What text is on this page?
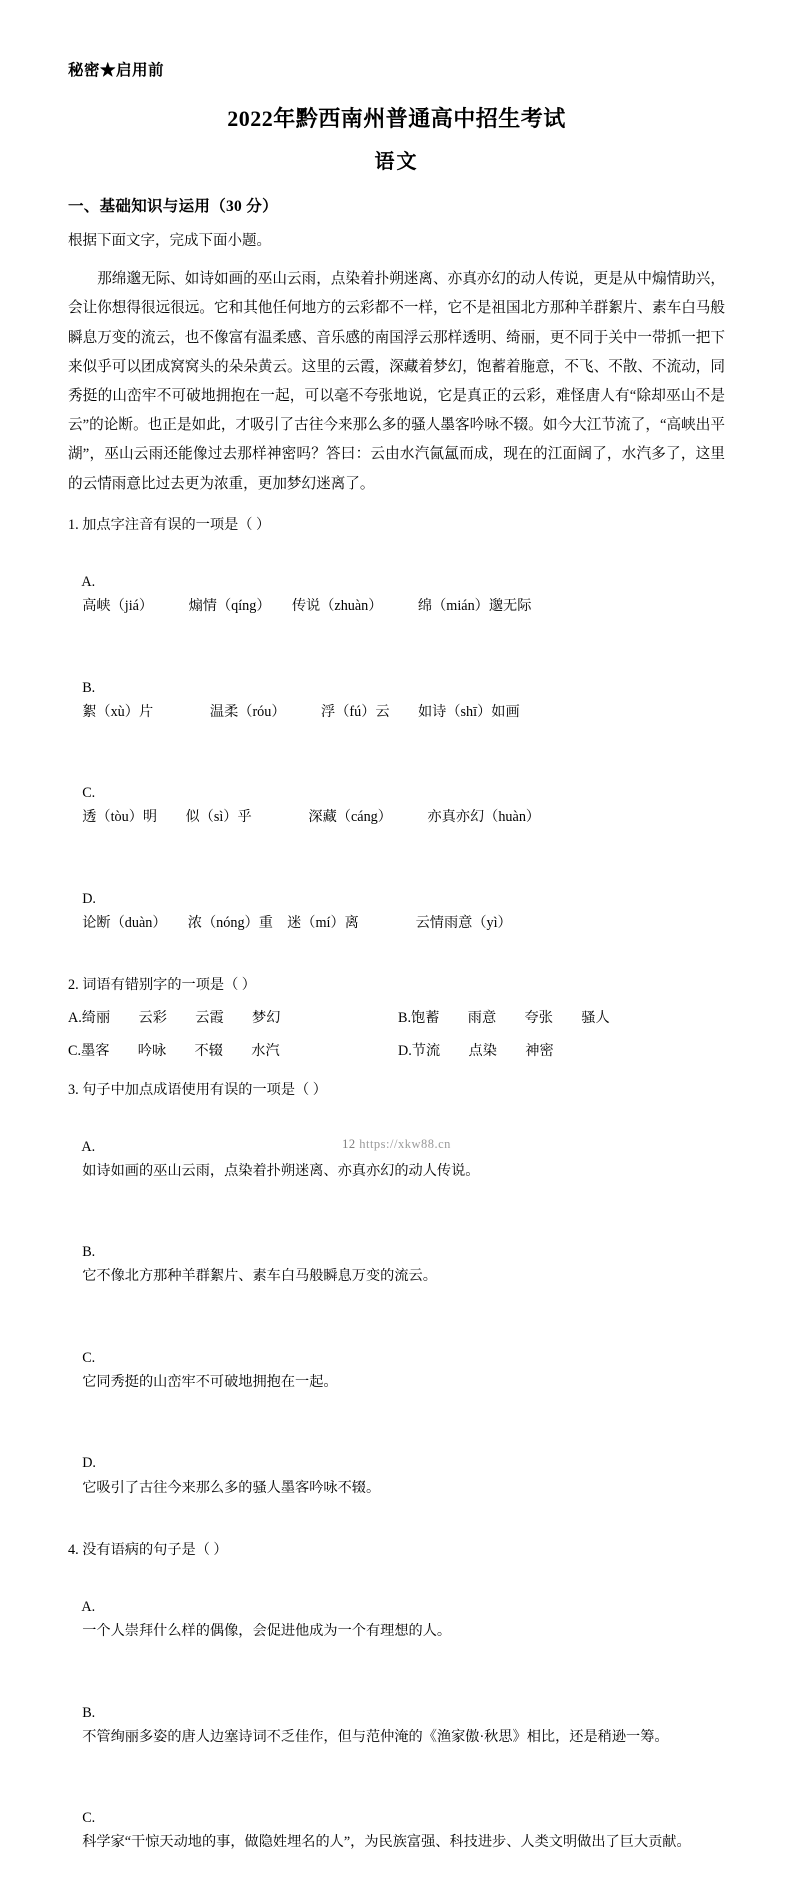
秘密★启用前
2022年黔西南州普通高中招生考试
语文
一、基础知识与运用（30 分）
根据下面文字，完成下面小题。
那绵邈无际、如诗如画的巫山云雨，点染着扑朔迷离、亦真亦幻的动人传说，更是从中煽情助兴，会让你想得很远很远。它和其他任何地方的云彩都不一样，它不是祖国北方那种羊群絮片、素车白马般瞬息万变的流云，也不像富有温柔感、音乐感的南国浮云那样透明、绮丽，更不同于关中一带抓一把下来似乎可以团成窝窝头的朵朵黄云。这里的云霞，深藏着梦幻，饱蓄着胣意，不飞、不散、不流动，同秀挺的山峦牢不可破地拥抱在一起，可以毫不夸张地说，它是真正的云彩，难怪唐人有“除却巫山不是云”的论断。也正是如此，才吸引了古往今来那么多的骚人墨客吟咏不辍。如今大江节流了，“高峡出平湖”，巫山云雨还能像过去那样神密吗？答曰：云由水汽氤氲而成，现在的江面阔了，水汽多了，这里的云情雨意比过去更为浓重，更加梦幻迷离了。
1. 加点字注音有误的一项是（ ）

A.
高峡（jiá）　　　煽情（qíng）　　传说（zhuàn）　　　绵（mián）邈无际

B.
絮（xù）片　　　　温柔（róu）　　　浮（fú）云　　如诗（shī）如画

C.
透（tòu）明　　似（sì）乎　　　　深藏（cáng）　　　亦真亦幻（huàn）

D.
论断（duàn）　　浓（nóng）重　迷（mí）离　　　　云情雨意（yì）

2. 词语有错别字的一项是（ ）
A.绮丽　　云彩　　云霞　　梦幻	B.饱蓄　　雨意　　夸张　　骚人
C.墨客　　吟咏　　不辍　　水汽	D.节流　　点染　　神密
3. 句子中加点成语使用有误的一项是（ ）

A.
如诗如画的巫山云雨，点染着扑朔迷离、亦真亦幻的动人传说。

B.
它不像北方那种羊群絮片、素车白马般瞬息万变的流云。

C.
它同秀挺的山峦牢不可破地拥抱在一起。

D.
它吸引了古往今来那么多的骚人墨客吟咏不辍。

4. 没有语病的句子是（ ）

A.
一个人崇拜什么样的偶像，会促进他成为一个有理想的人。

B.
不管绚丽多姿的唐人边塞诗词不乏佳作，但与范仲淹的《渔家傲·秋思》相比，还是稍逊一筹。

C.
科学家“干惊天动地的事，做隐姓埋名的人”，为民族富强、科技进步、人类文明做出了巨大贡献。

12 https://xkw88.cn
